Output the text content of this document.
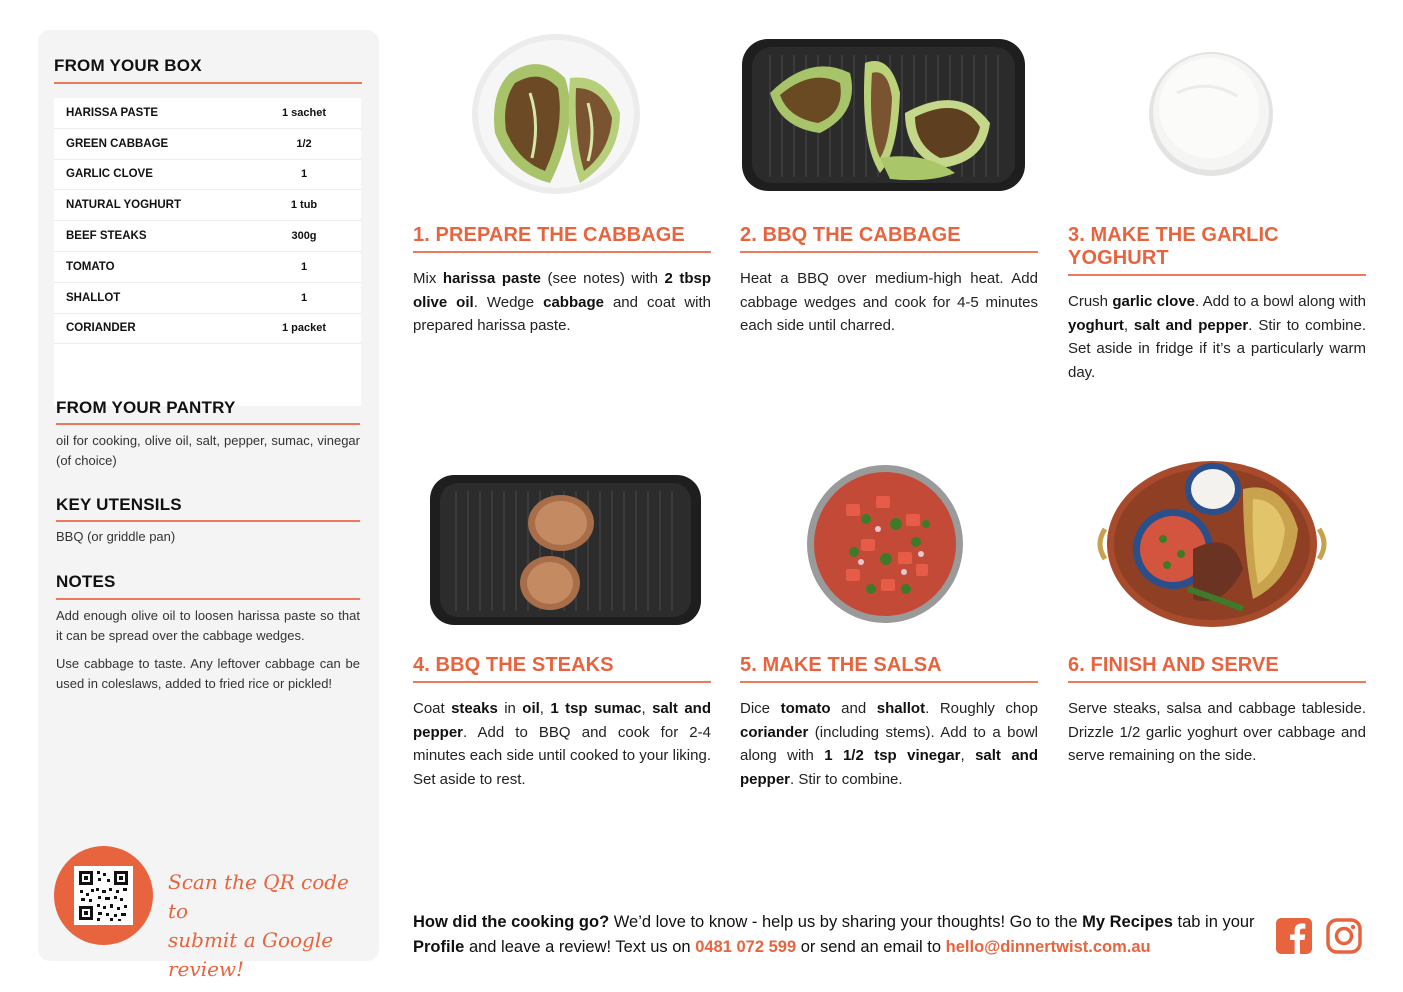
FROM YOUR BOX
HARISSA PASTE	1 sachet
GREEN CABBAGE	1/2
GARLIC CLOVE	1
NATURAL YOGHURT	1 tub
BEEF STEAKS	300g
TOMATO	1
SHALLOT	1
CORIANDER	1 packet
FROM YOUR PANTRY
oil for cooking, olive oil, salt, pepper, sumac, vinegar (of choice)
KEY UTENSILS
BBQ (or griddle pan)
NOTES

Add enough olive oil to loosen harissa paste so that it can be spread over the cabbage wedges.

Use cabbage to taste. Any leftover cabbage can be used in coleslaws, added to fried rice or pickled!

Scan the QR code to
submit a Google review!
1. PREPARE THE CABBAGE
Mix harissa paste (see notes) with 2 tbsp olive oil. Wedge cabbage and coat with prepared harissa paste.
2. BBQ THE CABBAGE
Heat a BBQ over medium-high heat. Add cabbage wedges and cook for 4-5 minutes each side until charred.
3. MAKE THE GARLIC YOGHURT
Crush garlic clove. Add to a bowl along with yoghurt, salt and pepper. Stir to combine. Set aside in fridge if it’s a particularly warm day.
4. BBQ THE STEAKS
Coat steaks in oil, 1 tsp sumac, salt and pepper. Add to BBQ and cook for 2-4 minutes each side until cooked to your liking. Set aside to rest.
5. MAKE THE SALSA
Dice tomato and shallot. Roughly chop coriander (including stems). Add to a bowl along with 1 1/2 tsp vinegar, salt and pepper. Stir to combine.
6. FINISH AND SERVE
Serve steaks, salsa and cabbage tableside. Drizzle 1/2 garlic yoghurt over cabbage and serve remaining on the side.
How did the cooking go? We’d love to know - help us by sharing your thoughts! Go to the My Recipes tab in your Profile and leave a review! Text us on 0481 072 599 or send an email to hello@dinnertwist.com.au
